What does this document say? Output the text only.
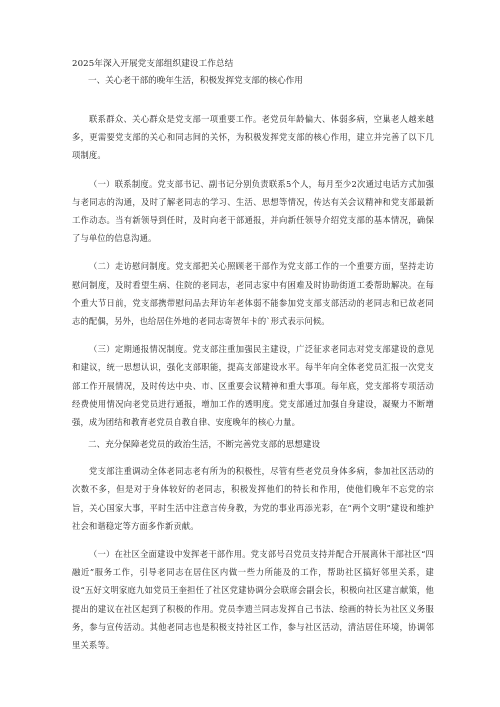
2025年深入开展党支部组织建设工作总结
一、关心老干部的晚年生活，积极发挥党支部的核心作用

联系群众、关心群众是党支部一项重要工作。老党员年龄偏大、体弱多病，空巢老人越来越多，更需要党支部的关心和同志间的关怀，为积极发挥党支部的核心作用，建立并完善了以下几项制度。

（一）联系制度。党支部书记、副书记分别负责联系5个人，每月至少2次通过电话方式加强与老同志的沟通，及时了解老同志的学习、生活、思想等情况，传达有关会议精神和党支部最新工作动态。当有新领导到任时，及时向老干部通报，并向新任领导介绍党支部的基本情况，确保了与单位的信息沟通。

（二）走访慰问制度。党支部把关心照顾老干部作为党支部工作的一个重要方面，坚持走访慰问制度，及时看望生病、住院的老同志，老同志家中有困难及时协助街道工委帮助解决。在每个重大节日前，党支部携带慰问品去拜访年老体弱不能参加党支部支部活动的老同志和已故老同志的配偶，另外，也给居住外地的老同志寄贺年卡的`形式表示问候。

（三）定期通报情况制度。党支部注重加强民主建设，广泛征求老同志对党支部建设的意见和建议，统一思想认识，强化支部职能，提高支部建设水平。每半年向全体老党员汇报一次党支部工作开展情况，及时传达中央、市、区重要会议精神和重大事项。每年底，党支部将专项活动经费使用情况向老党员进行通报，增加工作的透明度。党支部通过加强自身建设，凝聚力不断增强，成为团结和教育老党员自教自律、安度晚年的核心力量。

二、充分保障老党员的政治生活，不断完善党支部的思想建设

党支部注重调动全体老同志老有所为的积极性，尽管有些老党员身体多病，参加社区活动的次数不多，但是对于身体较好的老同志，积极发挥他们的特长和作用，使他们晚年不忘党的宗旨，关心国家大事，平时生活中注意言传身教，为党的事业再添光彩，在“两个文明”建设和维护社会和谐稳定等方面多作新贡献。

（一）在社区全面建设中发挥老干部作用。党支部号召党员支持并配合开展离休干部社区“四融近”服务工作，引导老同志在居住区内做一些力所能及的工作，帮助社区搞好邻里关系，建设“五好文明家庭九如党员王奎担任了社区党建协调分会联席会副会长，积极向社区建言献策，他提出的建议在社区起到了积极的作用。党员李遗兰同志发挥自己书法、绘画的特长为社区义务服务，参与宣传活动。其他老同志也是积极支持社区工作，参与社区活动，清洁居住环境，协调邻里关系等。
